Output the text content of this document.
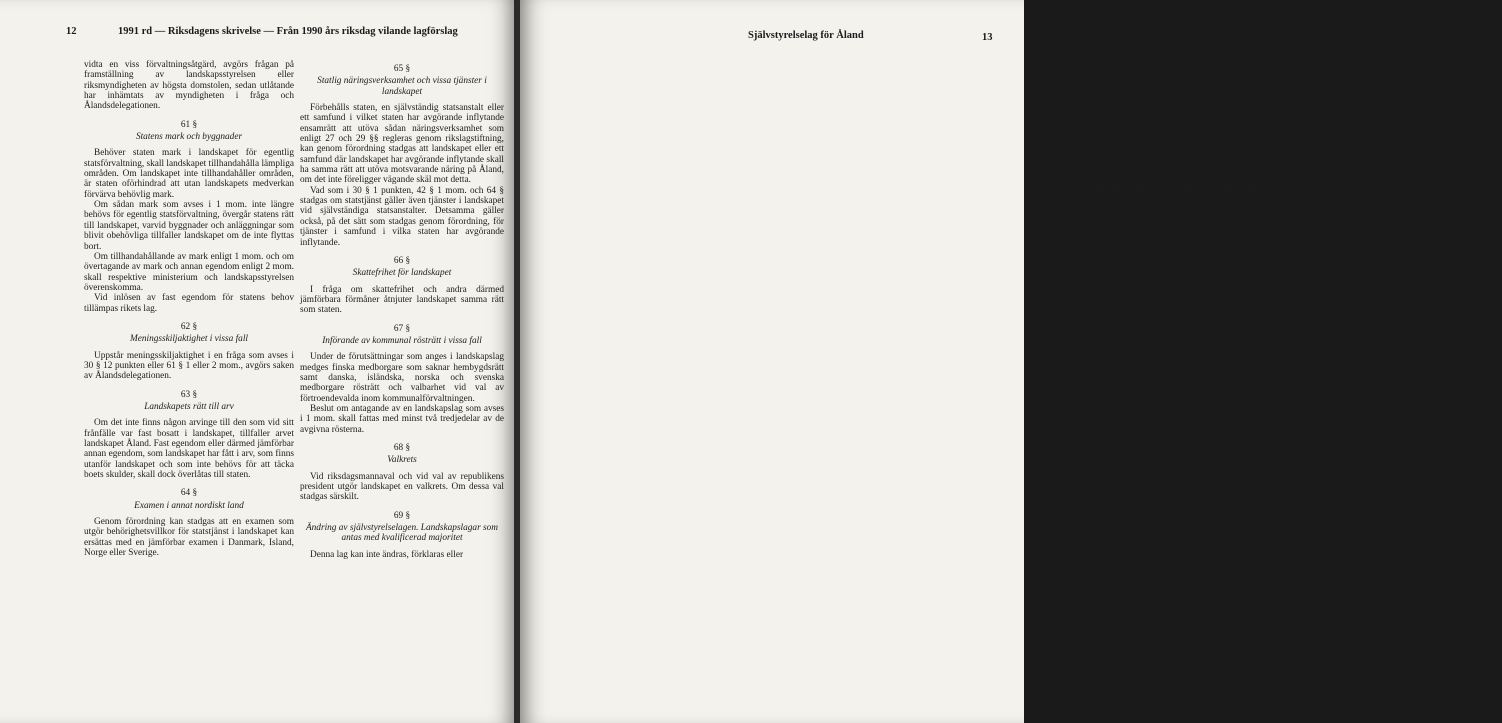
12	1991 rd — Riksdagens skrivelse — Från 1990 års riksdag vilande lagförslag

vidta en viss förvaltningsåtgärd, avgörs frågan på framställning av landskapsstyrelsen eller riksmyndigheten av högsta domstolen, sedan utlåtande har inhämtats av myndigheten i fråga och Ålandsdelegationen.

61 §
Statens mark och byggnader

Behöver staten mark i landskapet för egentlig statsförvaltning, skall landskapet tillhandahålla lämpliga områden. Om landskapet inte tillhandahåller områden, är staten oförhindrad att utan landskapets medverkan förvärva behövlig mark.

Om sådan mark som avses i 1 mom. inte längre behövs för egentlig statsförvaltning, övergår statens rätt till landskapet, varvid byggnader och anläggningar som blivit obehövliga tillfaller landskapet om de inte flyttas bort.

Om tillhandahållande av mark enligt 1 mom. och om övertagande av mark och annan egendom enligt 2 mom. skall respektive ministerium och landskapsstyrelsen överenskomma.

Vid inlösen av fast egendom för statens behov tillämpas rikets lag.

62 §
Meningsskiljaktighet i vissa fall

Uppstår meningsskiljaktighet i en fråga som avses i 30 § 12 punkten eller 61 § 1 eller 2 mom., avgörs saken av Ålandsdelegationen.

63 §
Landskapets rätt till arv

Om det inte finns någon arvinge till den som vid sitt frånfälle var fast bosatt i landskapet, tillfaller arvet landskapet Åland. Fast egendom eller därmed jämförbar annan egendom, som landskapet har fått i arv, som finns utanför landskapet och som inte behövs för att täcka boets skulder, skall dock överlåtas till staten.

64 §
Examen i annat nordiskt land

Genom förordning kan stadgas att en examen som utgör behörighetsvillkor för statstjänst i landskapet kan ersättas med en jämförbar examen i Danmark, Island, Norge eller Sverige.

65 §
Statlig näringsverksamhet och vissa tjänster i landskapet

Förbehålls staten, en självständig statsanstalt eller ett samfund i vilket staten har avgörande inflytande ensamrätt att utöva sådan näringsverksamhet som enligt 27 och 29 §§ regleras genom rikslagstiftning, kan genom förordning stadgas att landskapet eller ett samfund där landskapet har avgörande inflytande skall ha samma rätt att utöva motsvarande näring på Åland, om det inte föreligger vägande skäl mot detta.

Vad som i 30 § 1 punkten, 42 § 1 mom. och 64 § stadgas om statstjänst gäller även tjänster i landskapet vid självständiga statsanstalter. Detsamma gäller också, på det sätt som stadgas genom förordning, för tjänster i samfund i vilka staten har avgörande inflytande.

66 §
Skattefrihet för landskapet

I fråga om skattefrihet och andra därmed jämförbara förmåner åtnjuter landskapet samma rätt som staten.

67 §
Införande av kommunal rösträtt i vissa fall

Under de förutsättningar som anges i landskapslag medges finska medborgare som saknar hembygdsrätt samt danska, isländska, norska och svenska medborgare rösträtt och valbarhet vid val av förtroendevalda inom kommunalförvaltningen.

Beslut om antagande av en landskapslag som avses i 1 mom. skall fattas med minst två tredjedelar av de avgivna rösterna.

68 §
Valkrets

Vid riksdagsmannaval och vid val av republikens president utgör landskapet en valkrets. Om dessa val stadgas särskilt.

69 §
Ändring av självstyrelselagen. Landskapslagar som antas med kvalificerad majoritet

Denna lag kan inte ändras, förklaras eller

Självstyrelselag för Åland	13

upphävas annat än genom överensstämmande beslut av riksdagen och lagtinget, inte heller kan avvikelse från den göras på något annat sätt. Besluten skall i riksdagen fattas i den ordning som gäller vid ändring, förklaring eller upphävande av grundlag och i lagtinget med en majoritet om minst två tredjedelar av de avgivna rösterna.

I landskapslag kan stadgas att beslut om antagande av landskapslag skall fattas av lagtinget med minst två tredjedelar av de avgivna rösterna. En landskapslag där ett sådant stadgande ingår skall antas i samma ordning.

11 kap.
Ikraftträdelse- och övergångsstadganden
70 §
Ikraftträdande

Denna lag träder i kraft den 1 januari 19 .

Genom denna lag upphävs självstyrelselagen för Åland av den 28 december 1951 (670/51) jämte senare ändringar (den äldre lagen), samt lagen den 16 februari 1979 om tillämpningen i landskapet Åland av lagen om ändringssökande i förvaltningsärenden (182/79) och övriga stadganden som står i strid med denna lag.

Åtgärder som verkställigheten av denna lag förutsätter får vidtas innan lagen träder i kraft.

Landstinget kan redan innan lagen träder i kraft vid antagande av landskapslag tillämpa denna lags stadganden. En sådan landskapslag blir dock inte gällande förrän denna lag har trätt i kraft.

Ålandsdelegationen som utses enligt denna lag sköter också de uppgifter som enligt den äldre lagen ankommer på Ålandsdelegationen.

71 §
Tidigare stadgandens giltighet

Har genom denna lag eller med stöd av den till rikslagstiftningen hänförts ett rättsområde som tidigare reglerats genom landskapslag, förblir till dess annat stadgas, den landskapslagstiftning som då denna lag träder i kraft gäller inom rättsområdet i kraft. Har däremot genom denna lag eller med stöd av den till landskapslagstiftningen hänförts ett rättsområde som tidigare reglerats genom rikslagstiftning, förblir till dess annat stadgas, den rikslagstiftning som då denna lag träder i kraft gäller inom rättsområdet i kraft, fortfarande tillämpas i landskapet till dess den upphävts, landskapets lagstiftningsbehörighet och rikslagstiftningen genom landskapslag.

72 §
Hembygdsrätt

Den som när denna lag träder i kraft har sitt egentliga bo och hemvist i landskapet har rätt att på ansökan hos landskapsstyrelsen erhålla hembygdsrätt i enlighet med den äldre lagens stadganden därom.

I fråga om hembygdsrätt följer adoptivbarn sina adoptivföräldrar även då barnet har adopterats innan denna lag träder i kraft.

73 §
Utövande av näring

Den som när denna lag träder i kraft har sitt egentliga bo och hemvist i landskapet har rätt att, sedan han utan avbrott fem år varit bosatt i landskapet, utöva näring i landskapet med stöd av stadgandena i den äldre lagen.

Enskilda personer, bolag, andelslag, föreningar, andra sammanslutningar och stiftelser, som när denna lag träder i kraft utövar näring i landskapet med stöd av stadgandena i den äldre lagen, har rätt att även framdeles utöva näring enligt den äldre lagen.

74 §
Behandling av ärenden vid övergång av behörighet

Ett ärende som är anhängigt när behörigheten enligt denna lag övergår från en myndighet till en annan skall slutbehandlas av den myndighet där ärendet är anhängigt, varvid den lagstiftning som gällde före övergången skall iakttas.

Då ändring söks i en myndighets beslut som har givits innan behörigheten övergick skall den äldre lagen och annan tillämplig tidigare lag följas.

75 §
Statsanställda

Den vars uppgifter i ett anställningsförhållande till staten enligt denna lag har överförts till landskapet skall, om han samtycker därtill, med bibehållna förmåner överflyttas till motsvarande anställning hos landskapet eller ett samfund där landskapet har avgörande inflytande.

Till dess en förordning som avses i 42 § 1 mom. har givits, skall om den språkkunskap som krävs av den som anställs i statens tjänst i
